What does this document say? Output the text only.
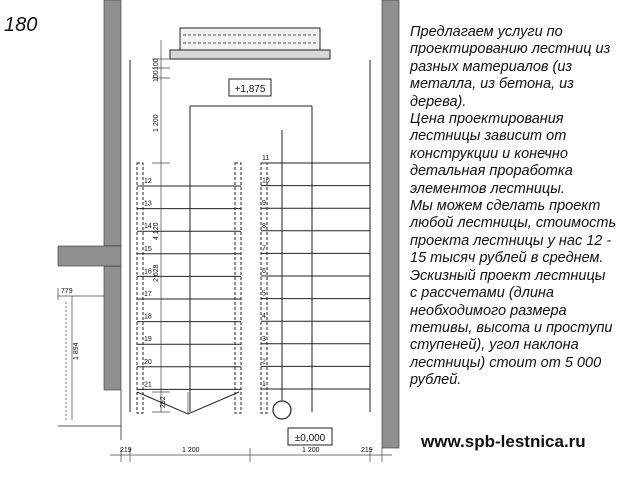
12
13
14
15
16
17
18
19
20
21
11
10
9
8
7
6
5
4
3
2
1
+1,875
±0,000
100
100
1 200
4 120
2 628
1 894
292
779
219	1 200	1 200	219
180	Предлагаем услуги по
проектированию лестниц из
разных материалов (из
металла, из бетона, из
дерева).
Цена проектирования
лестницы зависит от
конструкции и конечно
детальная проработка
элементов лестницы.
Мы можем сделать проект
любой лестницы, стоимость
проекта лестницы у нас 12 -
15 тысяч рублей в среднем.
Эскизный проект лестницы
с рассчетами (длина
необходимого размера
тетивы, высота и проступи
ступеней), угол наклона
лестницы) стоит от 5 000
рублей.

www.spb-lestnica.ru
